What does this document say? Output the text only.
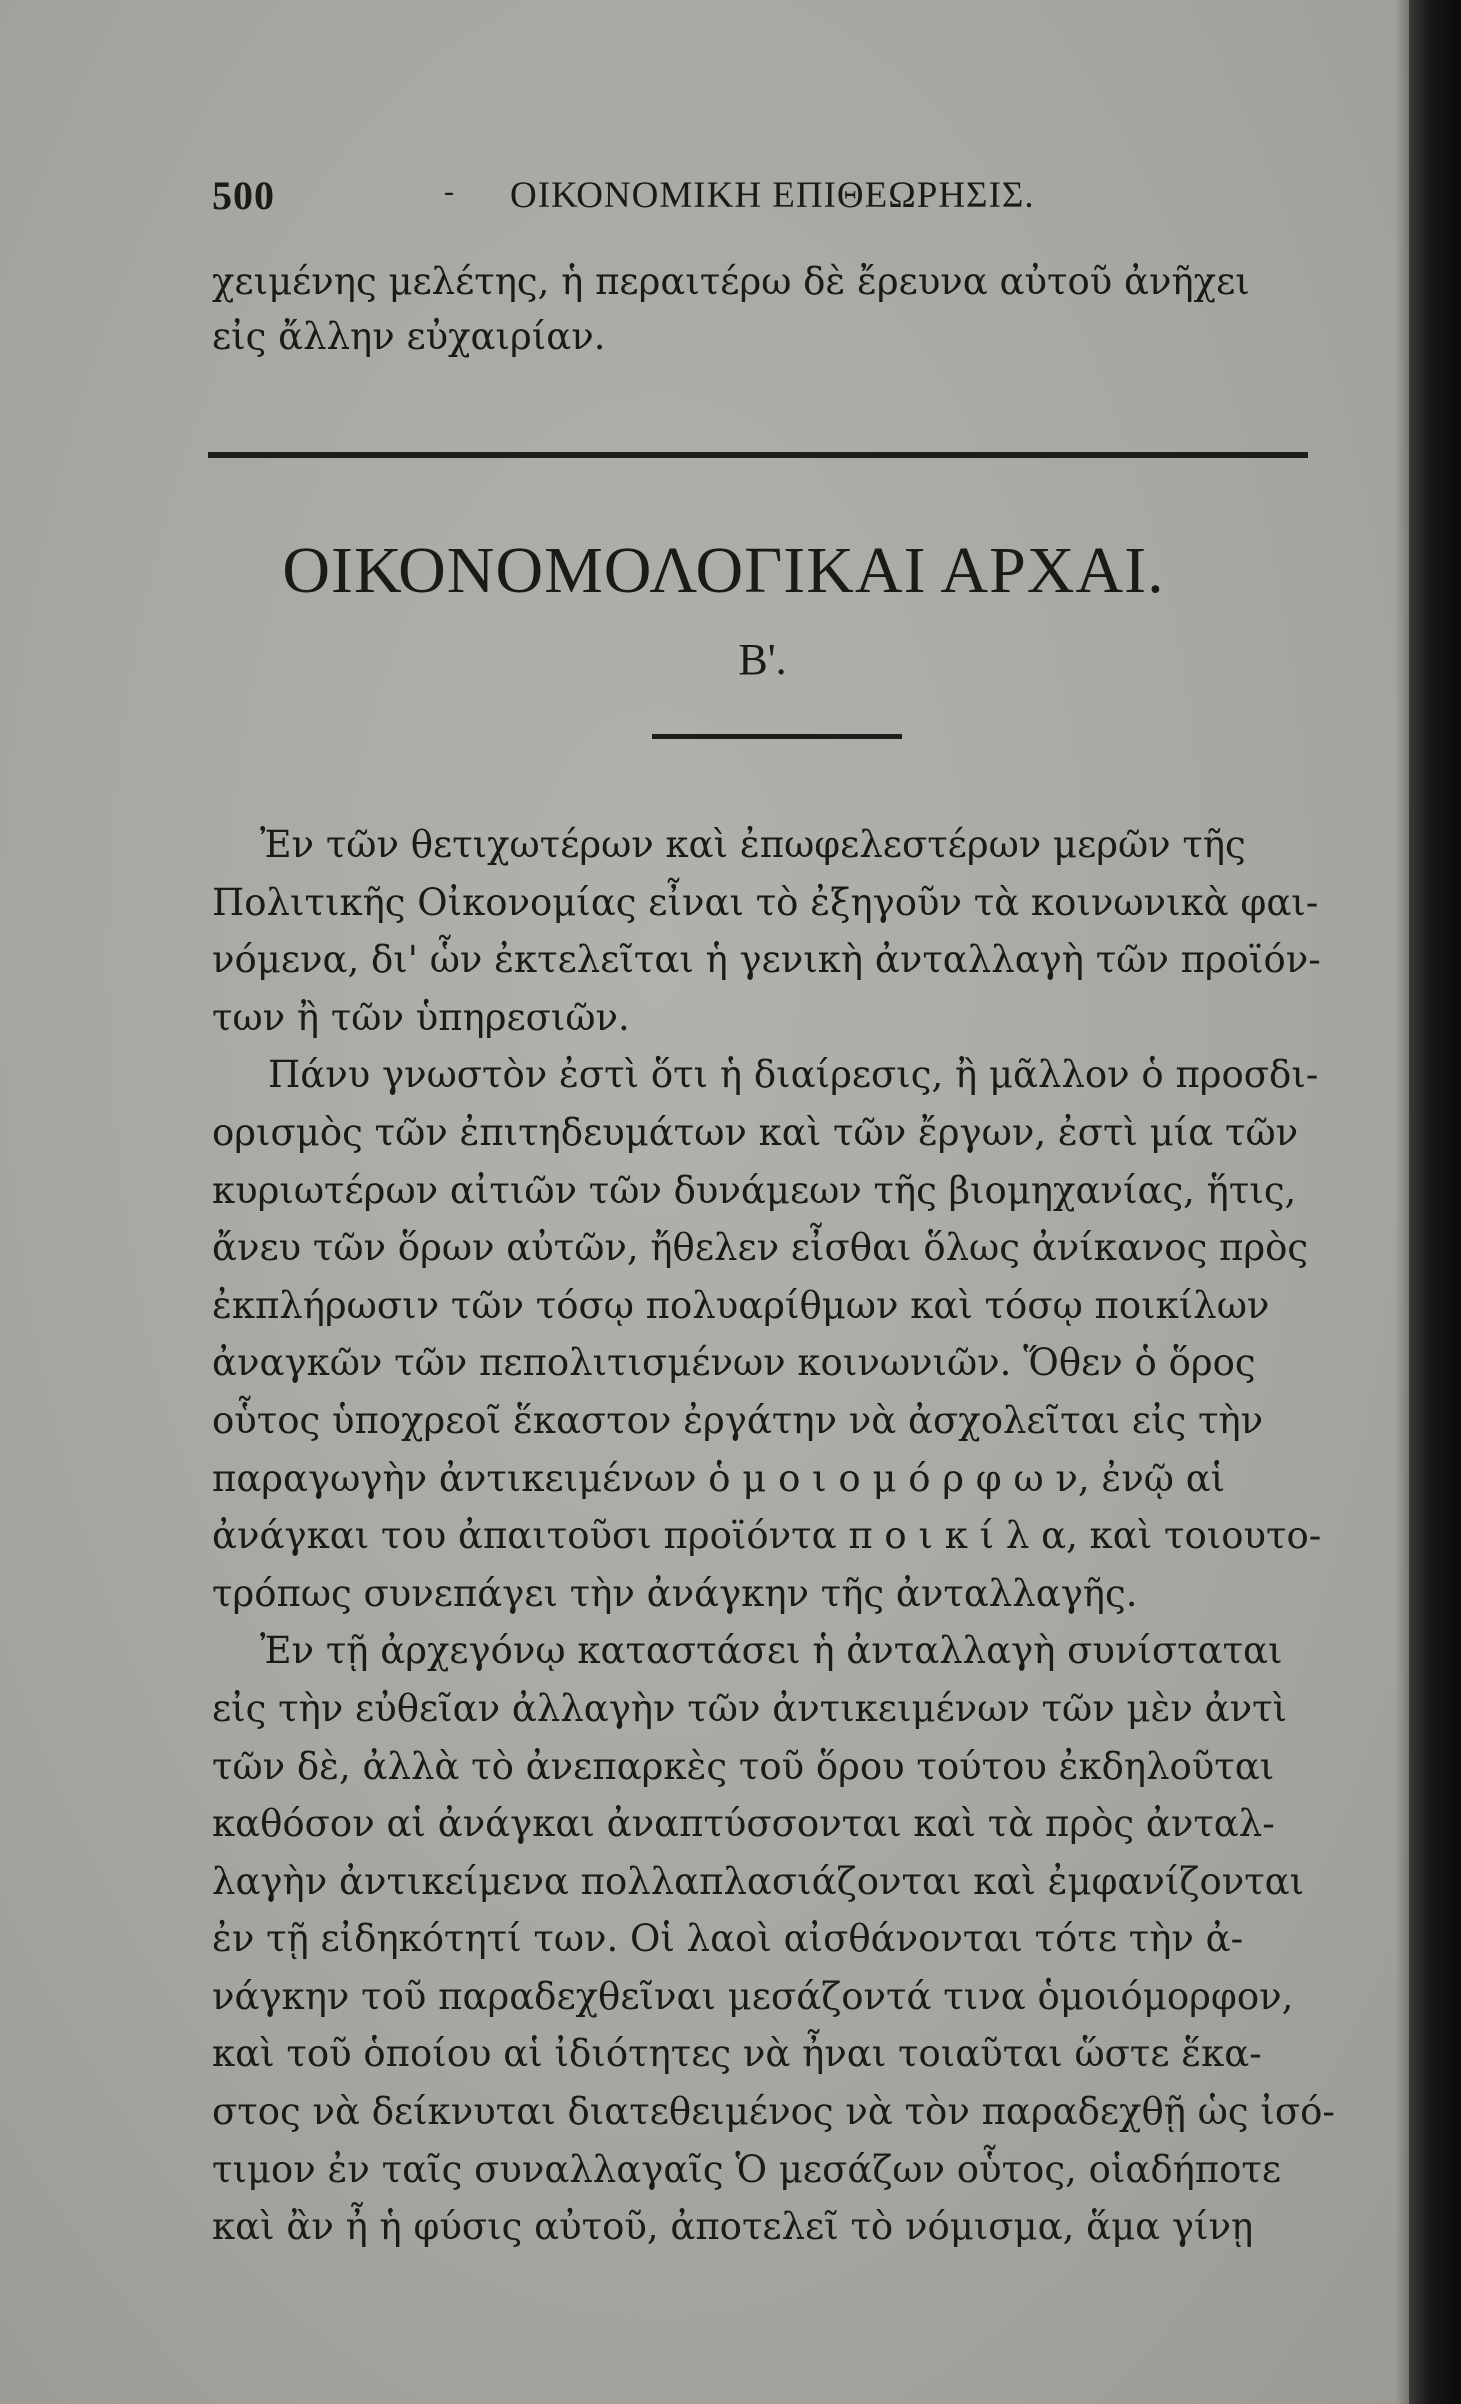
500	- ΟΙΚΟΝΟΜΙΚΗ ΕΠΙΘΕΩΡΗΣΙΣ.
χειμένης μελέτης, ἡ περαιτέρω δὲ ἔρευνα αὐτοῦ ἀνῆχει
εἰς ἄλλην εὐχαιρίαν.
ΟΙΚΟΝΟΜΟΛΟΓΙΚΑΙ ΑΡΧΑΙ.
Β'.
Ἐν τῶν θετιχωτέρων καὶ ἐπωφελεστέρων μερῶν τῆς
Πολιτικῆς Οἰκονομίας εἶναι τὸ ἐξηγοῦν τὰ κοινωνικὰ φαι-
νόμενα, δι' ὧν ἐκτελεῖται ἡ γενικὴ ἀνταλλαγὴ τῶν προϊόν-
των ἢ τῶν ὑπηρεσιῶν.
Πάνυ γνωστὸν ἐστὶ ὅτι ἡ διαίρεσις, ἢ μᾶλλον ὁ προσδι-
ορισμὸς τῶν ἐπιτηδευμάτων καὶ τῶν ἔργων, ἐστὶ μία τῶν
κυριωτέρων αἰτιῶν τῶν δυνάμεων τῆς βιομηχανίας, ἥτις,
ἄνευ τῶν ὅρων αὐτῶν, ἤθελεν εἶσθαι ὅλως ἀνίκανος πρὸς
ἐκπλήρωσιν τῶν τόσῳ πολυαρίθμων καὶ τόσῳ ποικίλων
ἀναγκῶν τῶν πεπολιτισμένων κοινωνιῶν. Ὅθεν ὁ ὅρος
οὗτος ὑποχρεοῖ ἕκαστον ἐργάτην νὰ ἀσχολεῖται εἰς τὴν
παραγωγὴν ἀντικειμένων ὁ μ ο ι ο μ ό ρ φ ω ν, ἐνῷ αἱ
ἀνάγκαι του ἀπαιτοῦσι προϊόντα π ο ι κ ί λ α, καὶ τοιουτο-
τρόπως συνεπάγει τὴν ἀνάγκην τῆς ἀνταλλαγῆς.
Ἐν τῇ ἀρχεγόνῳ καταστάσει ἡ ἀνταλλαγὴ συνίσταται
εἰς τὴν εὐθεῖαν ἀλλαγὴν τῶν ἀντικειμένων τῶν μὲν ἀντὶ
τῶν δὲ, ἀλλὰ τὸ ἀνεπαρκὲς τοῦ ὅρου τούτου ἐκδηλοῦται
καθόσον αἱ ἀνάγκαι ἀναπτύσσονται καὶ τὰ πρὸς ἀνταλ-
λαγὴν ἀντικείμενα πολλαπλασιάζονται καὶ ἐμφανίζονται
ἐν τῇ εἰδηκότητί των. Οἱ λαοὶ αἰσθάνονται τότε τὴν ἀ-
νάγκην τοῦ παραδεχθεῖναι μεσάζοντά τινα ὁμοιόμορφον,
καὶ τοῦ ὁποίου αἱ ἰδιότητες νὰ ἦναι τοιαῦται ὥστε ἕκα-
στος νὰ δείκνυται διατεθειμένος νὰ τὸν παραδεχθῇ ὡς ἰσό-
τιμον ἐν ταῖς συναλλαγαῖς Ὁ μεσάζων οὗτος, οἱαδήποτε
καὶ ἂν ἦ ἡ φύσις αὐτοῦ, ἀποτελεῖ τὸ νόμισμα, ἅμα γίνῃ
